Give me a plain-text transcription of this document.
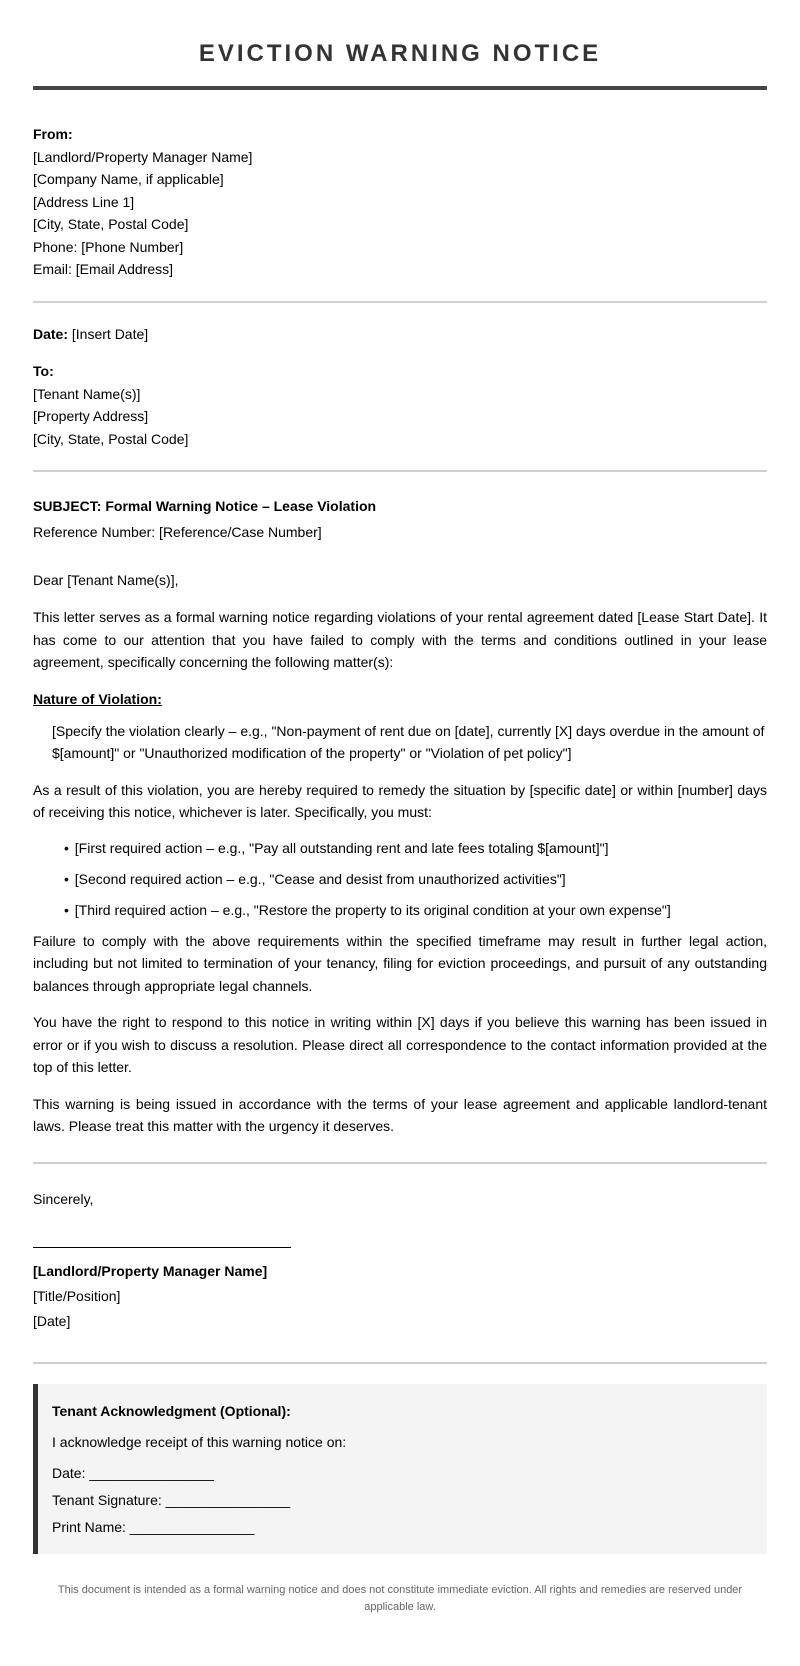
EVICTION WARNING NOTICE
From:
[Landlord/Property Manager Name]
[Company Name, if applicable]
[Address Line 1]
[City, State, Postal Code]
Phone: [Phone Number]
Email: [Email Address]
Date: [Insert Date]
To:
[Tenant Name(s)]
[Property Address]
[City, State, Postal Code]
SUBJECT: Formal Warning Notice – Lease Violation
Reference Number: [Reference/Case Number]
Dear [Tenant Name(s)],

This letter serves as a formal warning notice regarding violations of your rental agreement dated [Lease Start Date]. It has come to our attention that you have failed to comply with the terms and conditions outlined in your lease agreement, specifically concerning the following matter(s):

Nature of Violation:
[Specify the violation clearly – e.g., "Non-payment of rent due on [date], currently [X] days overdue in the amount of $[amount]" or "Unauthorized modification of the property" or "Violation of pet policy"]

As a result of this violation, you are hereby required to remedy the situation by [specific date] or within [number] days of receiving this notice, whichever is later. Specifically, you must:

• [First required action – e.g., "Pay all outstanding rent and late fees totaling $[amount]"]
• [Second required action – e.g., "Cease and desist from unauthorized activities"]
• [Third required action – e.g., "Restore the property to its original condition at your own expense"]

Failure to comply with the above requirements within the specified timeframe may result in further legal action, including but not limited to termination of your tenancy, filing for eviction proceedings, and pursuit of any outstanding balances through appropriate legal channels.

You have the right to respond to this notice in writing within [X] days if you believe this warning has been issued in error or if you wish to discuss a resolution. Please direct all correspondence to the contact information provided at the top of this letter.

This warning is being issued in accordance with the terms of your lease agreement and applicable landlord-tenant laws. Please treat this matter with the urgency it deserves.

Sincerely,
[Landlord/Property Manager Name]
[Title/Position]
[Date]
Tenant Acknowledgment (Optional):
I acknowledge receipt of this warning notice on:
Date: ________________
Tenant Signature: ________________
Print Name: ________________
This document is intended as a formal warning notice and does not constitute immediate eviction. All rights and remedies are reserved under applicable law.
